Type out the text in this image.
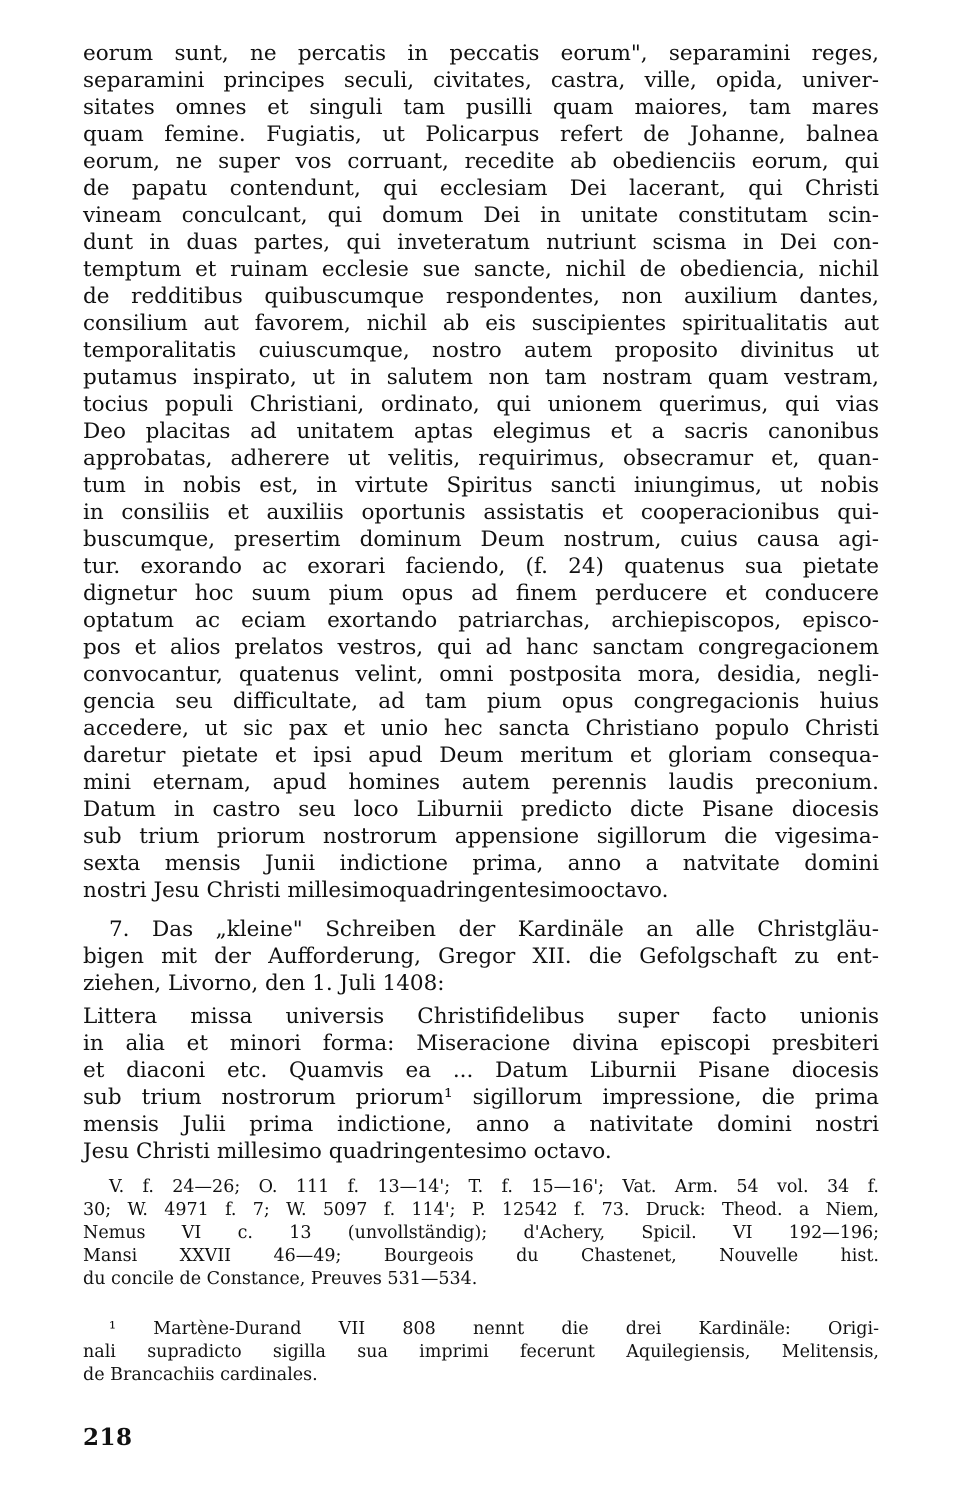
eorum sunt, ne percatis in peccatis eorum", separamini reges,
separamini principes seculi, civitates, castra, ville, opida, univer-
sitates omnes et singuli tam pusilli quam maiores, tam mares
quam femine. Fugiatis, ut Policarpus refert de Johanne, balnea
eorum, ne super vos corruant, recedite ab obedienciis eorum, qui
de papatu contendunt, qui ecclesiam Dei lacerant, qui Christi
vineam conculcant, qui domum Dei in unitate constitutam scin-
dunt in duas partes, qui inveteratum nutriunt scisma in Dei con-
temptum et ruinam ecclesie sue sancte, nichil de obediencia, nichil
de redditibus quibuscumque respondentes, non auxilium dantes,
consilium aut favorem, nichil ab eis suscipientes spiritualitatis aut
temporalitatis cuiuscumque, nostro autem proposito divinitus ut
putamus inspirato, ut in salutem non tam nostram quam vestram,
tocius populi Christiani, ordinato, qui unionem querimus, qui vias
Deo placitas ad unitatem aptas elegimus et a sacris canonibus
approbatas, adherere ut velitis, requirimus, obsecramur et, quan-
tum in nobis est, in virtute Spiritus sancti iniungimus, ut nobis
in consiliis et auxiliis oportunis assistatis et cooperacionibus qui-
buscumque, presertim dominum Deum nostrum, cuius causa agi-
tur. exorando ac exorari faciendo, (f. 24) quatenus sua pietate
dignetur hoc suum pium opus ad finem perducere et conducere
optatum ac eciam exortando patriarchas, archiepiscopos, episco-
pos et alios prelatos vestros, qui ad hanc sanctam congregacionem
convocantur, quatenus velint, omni postposita mora, desidia, negli-
gencia seu difficultate, ad tam pium opus congregacionis huius
accedere, ut sic pax et unio hec sancta Christiano populo Christi
daretur pietate et ipsi apud Deum meritum et gloriam consequa-
mini eternam, apud homines autem perennis laudis preconium.
Datum in castro seu loco Liburnii predicto dicte Pisane diocesis
sub trium priorum nostrorum appensione sigillorum die vigesima-
sexta mensis Junii indictione prima, anno a natvitate domini
nostri Jesu Christi millesimoquadringentesimooctavo.
7. Das „kleine" Schreiben der Kardinäle an alle Christgläu-
bigen mit der Aufforderung, Gregor XII. die Gefolgschaft zu ent-
ziehen, Livorno, den 1. Juli 1408:
Littera missa universis Christifidelibus super facto unionis
in alia et minori forma: Miseracione divina episcopi presbiteri
et diaconi etc. Quamvis ea ... Datum Liburnii Pisane diocesis
sub trium nostrorum priorum¹ sigillorum impressione, die prima
mensis Julii prima indictione, anno a nativitate domini nostri
Jesu Christi millesimo quadringentesimo octavo.
V. f. 24—26; O. 111 f. 13—14'; T. f. 15—16'; Vat. Arm. 54 vol. 34 f.
30; W. 4971 f. 7; W. 5097 f. 114'; P. 12542 f. 73. Druck: Theod. a Niem,
Nemus VI c. 13 (unvollständig); d'Achery, Spicil. VI 192—196;
Mansi XXVII 46—49; Bourgeois du Chastenet, Nouvelle hist.
du concile de Constance, Preuves 531—534.
¹ Martène-Durand VII 808 nennt die drei Kardinäle: Origi-
nali supradicto sigilla sua imprimi fecerunt Aquilegiensis, Melitensis,
de Brancachiis cardinales.
218
